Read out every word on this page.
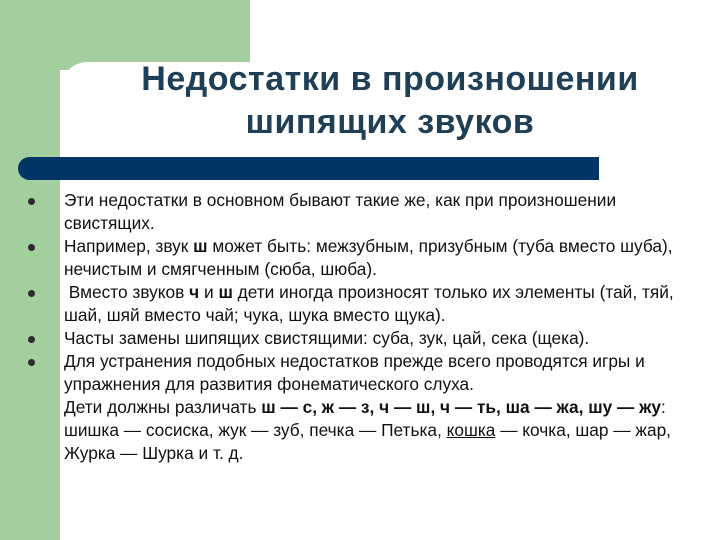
Недостатки в произношении
шипящих звуков
Эти недостатки в основном бывают такие же, как при произношении свистящих.
Например, звук ш может быть: межзубным, призубным (туба вместо шуба), нечистым и смягченным (сюба, шюба).
Вместо звуков ч и ш дети иногда произносят только их элементы (тай, тяй, шай, шяй вместо чай; чука, шука вместо щука).
Часты замены шипящих свистящими: суба, зук, цай, сека (щека).
Для устранения подобных недостатков прежде всего проводятся игры и упражнения для развития фонематического слуха.
Дети должны различать ш — с, ж — з, ч — ш, ч — ть, ша — жа, шу — жу: шишка — сосиска, жук — зуб, печка — Петька, кошка — кочка, шар — жар, Журка — Шурка и т. д.
